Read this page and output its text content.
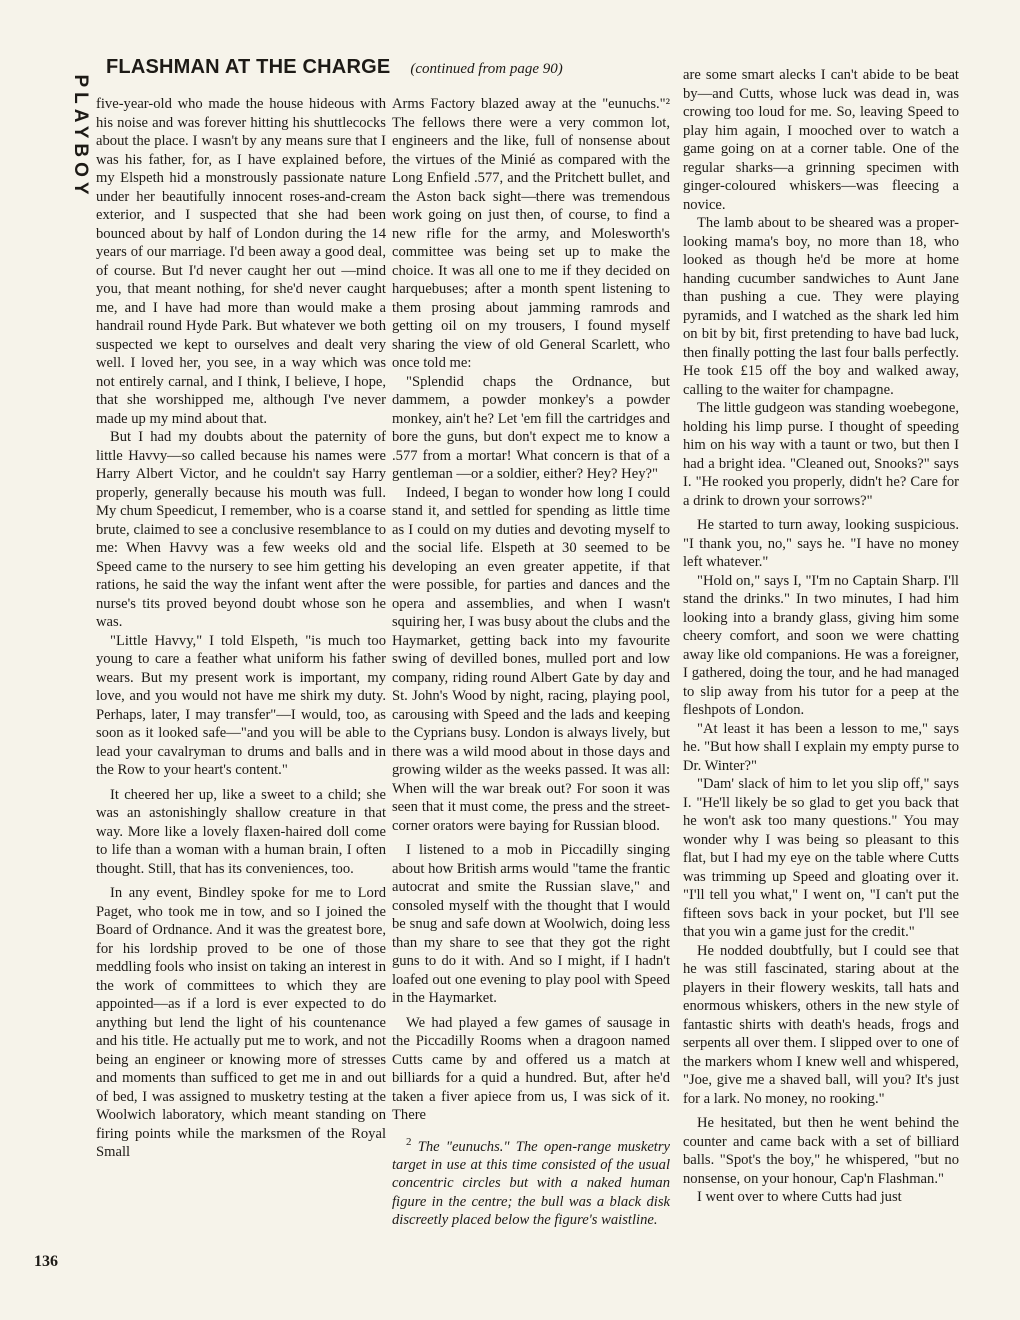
PLAYBOY
FLASHMAN AT THE CHARGE (continued from page 90)

five-year-old who made the house hideous with his noise and was forever hitting his shuttlecocks about the place. I wasn't by any means sure that I was his father, for, as I have explained before, my Elspeth hid a monstrously passionate nature under her beautifully innocent roses-and-cream exterior, and I suspected that she had been bounced about by half of London during the 14 years of our marriage. I'd been away a good deal, of course. But I'd never caught her out —mind you, that meant nothing, for she'd never caught me, and I have had more than would make a handrail round Hyde Park. But whatever we both suspected we kept to ourselves and dealt very well. I loved her, you see, in a way which was not entirely carnal, and I think, I believe, I hope, that she worshipped me, although I've never made up my mind about that.

But I had my doubts about the paternity of little Havvy—so called because his names were Harry Albert Victor, and he couldn't say Harry properly, generally because his mouth was full. My chum Speedicut, I remember, who is a coarse brute, claimed to see a conclusive resemblance to me: When Havvy was a few weeks old and Speed came to the nursery to see him getting his rations, he said the way the infant went after the nurse's tits proved beyond doubt whose son he was.

"Little Havvy," I told Elspeth, "is much too young to care a feather what uniform his father wears. But my present work is important, my love, and you would not have me shirk my duty. Perhaps, later, I may transfer"—I would, too, as soon as it looked safe—"and you will be able to lead your cavalryman to drums and balls and in the Row to your heart's content."

It cheered her up, like a sweet to a child; she was an astonishingly shallow creature in that way. More like a lovely flaxen-haired doll come to life than a woman with a human brain, I often thought. Still, that has its conveniences, too.

In any event, Bindley spoke for me to Lord Paget, who took me in tow, and so I joined the Board of Ordnance. And it was the greatest bore, for his lordship proved to be one of those meddling fools who insist on taking an interest in the work of committees to which they are appointed—as if a lord is ever expected to do anything but lend the light of his countenance and his title. He actually put me to work, and not being an engineer or knowing more of stresses and moments than sufficed to get me in and out of bed, I was assigned to musketry testing at the Woolwich laboratory, which meant standing on firing points while the marksmen of the Royal Small

Arms Factory blazed away at the "eunuchs."² The fellows there were a very common lot, engineers and the like, full of nonsense about the virtues of the Minié as compared with the Long Enfield .577, and the Pritchett bullet, and the Aston back sight—there was tremendous work going on just then, of course, to find a new rifle for the army, and Molesworth's committee was being set up to make the choice. It was all one to me if they decided on harquebuses; after a month spent listening to them prosing about jamming ramrods and getting oil on my trousers, I found myself sharing the view of old General Scarlett, who once told me:

"Splendid chaps the Ordnance, but dammem, a powder monkey's a powder monkey, ain't he? Let 'em fill the cartridges and bore the guns, but don't expect me to know a .577 from a mortar! What concern is that of a gentleman —or a soldier, either? Hey? Hey?"

Indeed, I began to wonder how long I could stand it, and settled for spending as little time as I could on my duties and devoting myself to the social life. Elspeth at 30 seemed to be developing an even greater appetite, if that were possible, for parties and dances and the opera and assemblies, and when I wasn't squiring her, I was busy about the clubs and the Haymarket, getting back into my favourite swing of devilled bones, mulled port and low company, riding round Albert Gate by day and St. John's Wood by night, racing, playing pool, carousing with Speed and the lads and keeping the Cyprians busy. London is always lively, but there was a wild mood about in those days and growing wilder as the weeks passed. It was all: When will the war break out? For soon it was seen that it must come, the press and the street-corner orators were baying for Russian blood.

I listened to a mob in Piccadilly singing about how British arms would "tame the frantic autocrat and smite the Russian slave," and consoled myself with the thought that I would be snug and safe down at Woolwich, doing less than my share to see that they got the right guns to do it with. And so I might, if I hadn't loafed out one evening to play pool with Speed in the Haymarket.

We had played a few games of sausage in the Piccadilly Rooms when a dragoon named Cutts came by and offered us a match at billiards for a quid a hundred. But, after he'd taken a fiver apiece from us, I was sick of it. There

$^2$ The "eunuchs." The open-range musketry target in use at this time consisted of the usual concentric circles but with a naked human figure in the centre; the bull was a black disk discreetly placed below the figure's waistline.

are some smart alecks I can't abide to be beat by—and Cutts, whose luck was dead in, was crowing too loud for me. So, leaving Speed to play him again, I mooched over to watch a game going on at a corner table. One of the regular sharks—a grinning specimen with ginger-coloured whiskers—was fleecing a novice.

The lamb about to be sheared was a proper-looking mama's boy, no more than 18, who looked as though he'd be more at home handing cucumber sandwiches to Aunt Jane than pushing a cue. They were playing pyramids, and I watched as the shark led him on bit by bit, first pretending to have bad luck, then finally potting the last four balls perfectly. He took £15 off the boy and walked away, calling to the waiter for champagne.

The little gudgeon was standing woebegone, holding his limp purse. I thought of speeding him on his way with a taunt or two, but then I had a bright idea. "Cleaned out, Snooks?" says I. "He rooked you properly, didn't he? Care for a drink to drown your sorrows?"

He started to turn away, looking suspicious. "I thank you, no," says he. "I have no money left whatever."

"Hold on," says I, "I'm no Captain Sharp. I'll stand the drinks." In two minutes, I had him looking into a brandy glass, giving him some cheery comfort, and soon we were chatting away like old companions. He was a foreigner, I gathered, doing the tour, and he had managed to slip away from his tutor for a peep at the fleshpots of London.

"At least it has been a lesson to me," says he. "But how shall I explain my empty purse to Dr. Winter?"

"Dam' slack of him to let you slip off," says I. "He'll likely be so glad to get you back that he won't ask too many questions." You may wonder why I was being so pleasant to this flat, but I had my eye on the table where Cutts was trimming up Speed and gloating over it. "I'll tell you what," I went on, "I can't put the fifteen sovs back in your pocket, but I'll see that you win a game just for the credit."

He nodded doubtfully, but I could see that he was still fascinated, staring about at the players in their flowery weskits, tall hats and enormous whiskers, others in the new style of fantastic shirts with death's heads, frogs and serpents all over them. I slipped over to one of the markers whom I knew well and whispered, "Joe, give me a shaved ball, will you? It's just for a lark. No money, no rooking."

He hesitated, but then he went behind the counter and came back with a set of billiard balls. "Spot's the boy," he whispered, "but no nonsense, on your honour, Cap'n Flashman."

I went over to where Cutts had just

136
